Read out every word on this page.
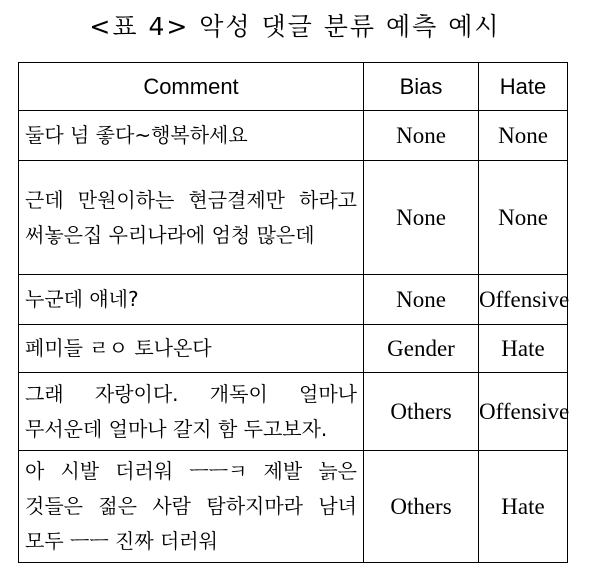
<표 4> 악성 댓글 분류 예측 예시
Comment	Bias	Hate
둘다 넘 좋다~행복하세요	None	None
근데 만원이하는 현금결제만 하라고 써놓은집 우리나라에 엄청 많은데	None	None
누군데 얘네?	None	Offensive
페미들 ㄹㅇ 토나온다	Gender	Hate
그래 자랑이다. 개독이 얼마나 무서운데 얼마나 갈지 함 두고보자.	Others	Offensive
아 시발 더러워 ㅡㅡㅋ 제발 늙은 것들은 젊은 사람 탐하지마라 남녀 모두 ㅡㅡ 진짜 더러워	Others	Hate
